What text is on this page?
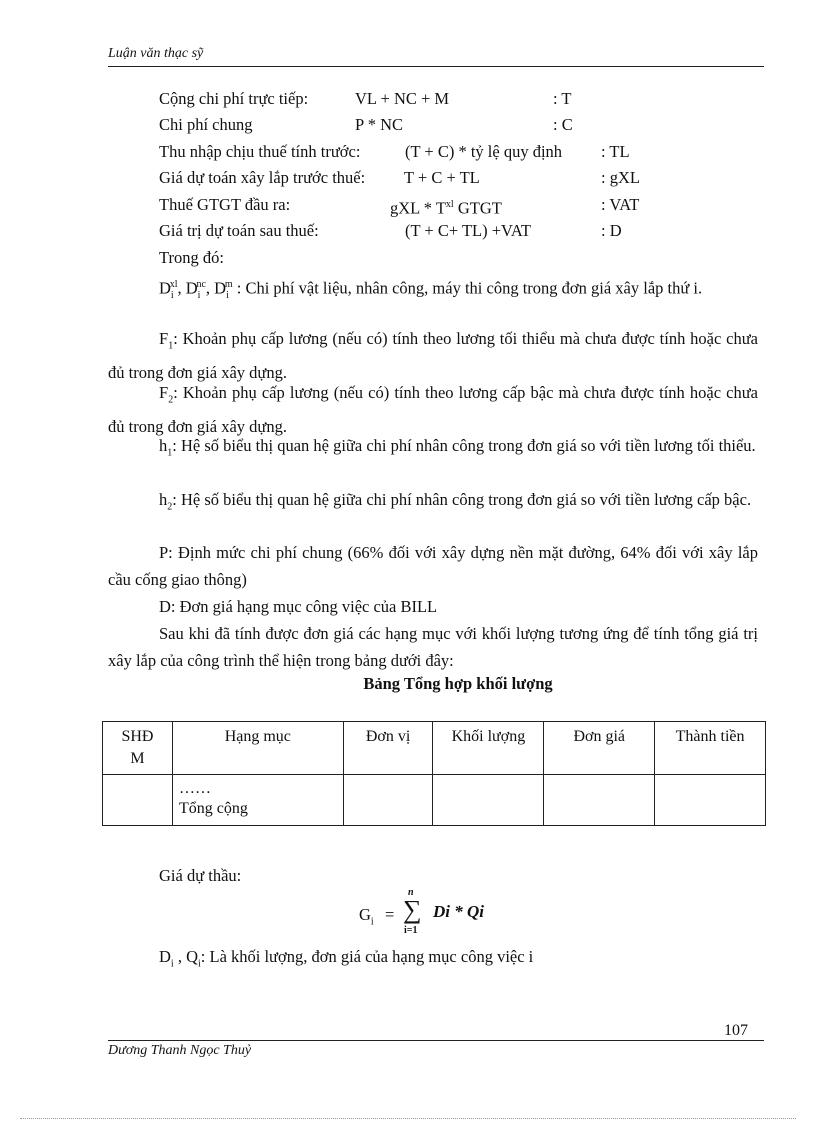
Luận văn thạc sỹ
Cộng chi phí trực tiếp:	VL + NC + M	: T
Chi phí chung	P * NC	: C
Thu nhập chịu thuế tính trước:	(T + C) * tỷ lệ quy định : TL
Giá dự toán xây lắp trước thuế: T + C + TL	: gXL
Thuế GTGT đầu ra:	gXL * $T^{xl}$ GTGT	: VAT
Giá trị dự toán sau thuế:	(T + C+ TL) +VAT	: D
Trong đó:
$D_i^{xl}$, $D_i^{nc}$, $D_i^m$ : Chi phí vật liệu, nhân công, máy thi công trong đơn giá xây lắp thứ i.
$F_1$: Khoản phụ cấp lương (nếu có) tính theo lương tối thiểu mà chưa được tính hoặc chưa đủ trong đơn giá xây dựng.
$F_2$: Khoản phụ cấp lương (nếu có) tính theo lương cấp bậc mà chưa được tính hoặc chưa đủ trong đơn giá xây dựng.
$h_1$: Hệ số biểu thị quan hệ giữa chi phí nhân công trong đơn giá so với tiền lương tối thiểu.
$h_2$: Hệ số biểu thị quan hệ giữa chi phí nhân công trong đơn giá so với tiền lương cấp bậc.
P: Định mức chi phí chung (66% đối với xây dựng nền mặt đường, 64% đối với xây lắp cầu cống giao thông)
D: Đơn giá hạng mục công việc của BILL
Sau khi đã tính được đơn giá các hạng mục với khối lượng tương ứng để tính tổng giá trị xây lắp của công trình thể hiện trong bảng dưới đây:
Bảng Tổng hợp khối lượng
SHĐ M	Hạng mục	Đơn vị	Khối lượng	Đơn giá	Thành tiền

	……
Tổng cộng				

Giá dự thầu:
$G_i$ =
n
∑
i=1
Di * Qi
$D_i$ , $Q_i$: Là khối lượng, đơn giá của hạng mục công việc i
107
Dương Thanh Ngọc Thuỷ
